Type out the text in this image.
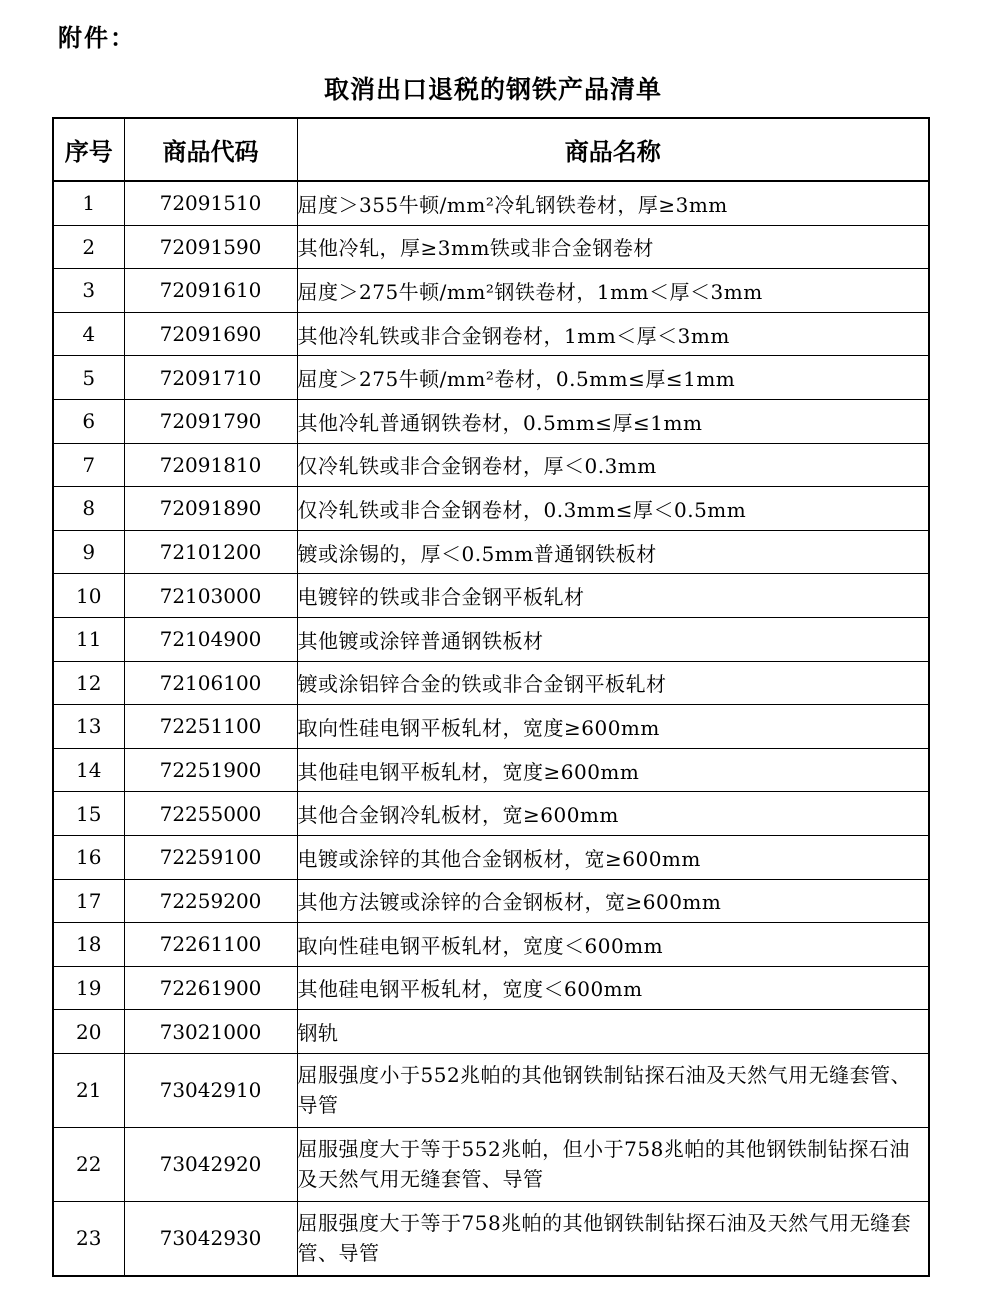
附件：
取消出口退税的钢铁产品清单
序号	商品代码	商品名称
1	72091510	屈度＞355牛顿/mm²冷轧钢铁卷材，厚≥3mm
2	72091590	其他冷轧，厚≥3mm铁或非合金钢卷材
3	72091610	屈度＞275牛顿/mm²钢铁卷材，1mm＜厚＜3mm
4	72091690	其他冷轧铁或非合金钢卷材，1mm＜厚＜3mm
5	72091710	屈度＞275牛顿/mm²卷材，0.5mm≤厚≤1mm
6	72091790	其他冷轧普通钢铁卷材，0.5mm≤厚≤1mm
7	72091810	仅冷轧铁或非合金钢卷材，厚＜0.3mm
8	72091890	仅冷轧铁或非合金钢卷材，0.3mm≤厚＜0.5mm
9	72101200	镀或涂锡的，厚＜0.5mm普通钢铁板材
10	72103000	电镀锌的铁或非合金钢平板轧材
11	72104900	其他镀或涂锌普通钢铁板材
12	72106100	镀或涂铝锌合金的铁或非合金钢平板轧材
13	72251100	取向性硅电钢平板轧材，宽度≥600mm
14	72251900	其他硅电钢平板轧材，宽度≥600mm
15	72255000	其他合金钢冷轧板材，宽≥600mm
16	72259100	电镀或涂锌的其他合金钢板材，宽≥600mm
17	72259200	其他方法镀或涂锌的合金钢板材，宽≥600mm
18	72261100	取向性硅电钢平板轧材，宽度＜600mm
19	72261900	其他硅电钢平板轧材，宽度＜600mm
20	73021000	钢轨
21	73042910	屈服强度小于552兆帕的其他钢铁制钻探石油及天然气用无缝套管、导管
22	73042920	屈服强度大于等于552兆帕，但小于758兆帕的其他钢铁制钻探石油及天然气用无缝套管、导管
23	73042930	屈服强度大于等于758兆帕的其他钢铁制钻探石油及天然气用无缝套管、导管
